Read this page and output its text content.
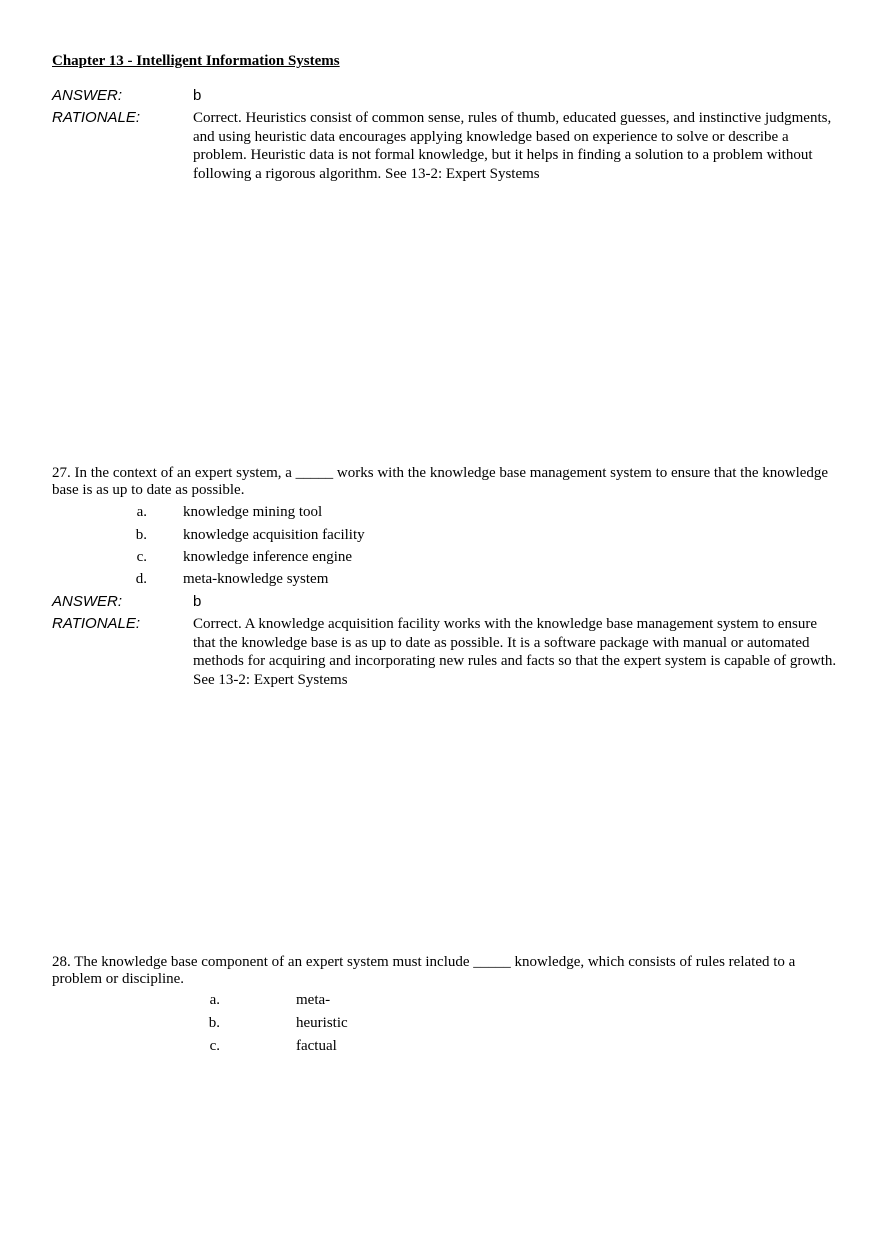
Chapter 13 - Intelligent Information Systems
ANSWER:	b
RATIONALE:	Correct. Heuristics consist of common sense, rules of thumb, educated guesses, and instinctive judgments, and using heuristic data encourages applying knowledge based on experience to solve or describe a problem. Heuristic data is not formal knowledge, but it helps in finding a solution to a problem without following a rigorous algorithm. See 13-2: Expert Systems

27. In the context of an expert system, a _____ works with the knowledge base management system to ensure that the knowledge base is as up to date as possible.

a. knowledge mining tool
b. knowledge acquisition facility
c. knowledge inference engine
d. meta-knowledge system
ANSWER:	b
RATIONALE:	Correct. A knowledge acquisition facility works with the knowledge base management system to ensure that the knowledge base is as up to date as possible. It is a software package with manual or automated methods for acquiring and incorporating new rules and facts so that the expert system is capable of growth. See 13-2: Expert Systems

28. The knowledge base component of an expert system must include _____ knowledge, which consists of rules related to a problem or discipline.

a.	meta-
b.	heuristic
c.	factual
